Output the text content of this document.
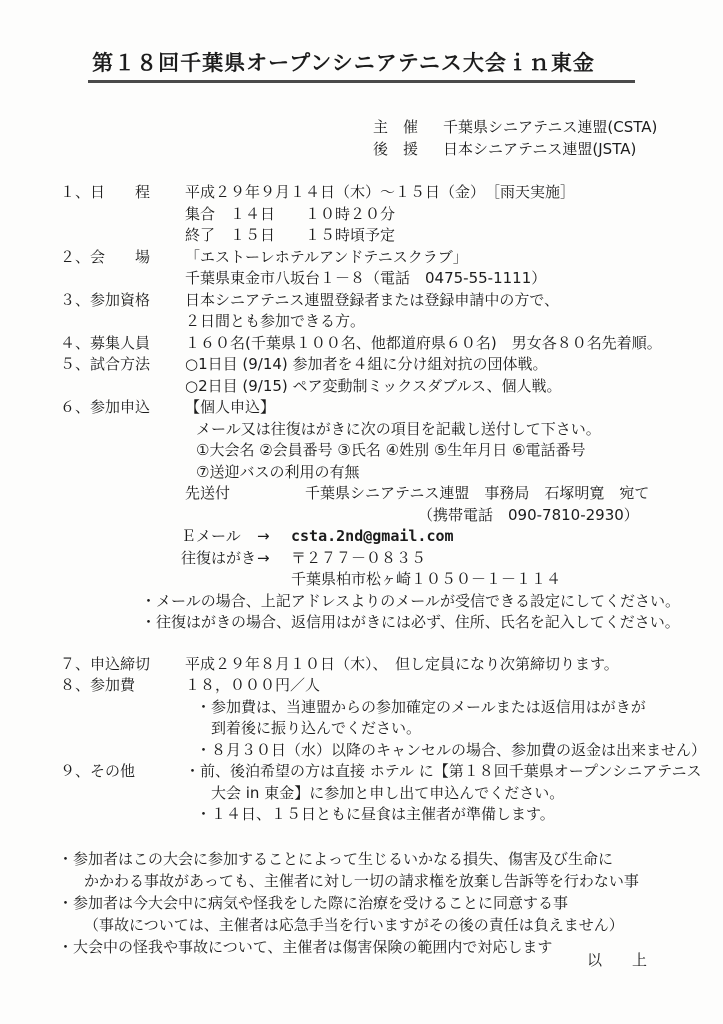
第１８回千葉県オープンシニアテニス大会ｉｎ東金
主　催 千葉県シニアテニス連盟(CSTA)
後　援 日本シニアテニス連盟(JSTA)
１、日　　程	平成２９年９月１４日（木）～１５日（金）　［雨天実施］
集合　１４日　　１０時２０分
終了　１５日　　１５時頃予定
２、会　　場	「エストーレホテルアンドテニスクラブ」
千葉県東金市八坂台１－８（電話　0475-55-1111）
３、参加資格	日本シニアテニス連盟登録者または登録申請中の方で、
２日間とも参加できる方。
４、募集人員	１６０名(千葉県１００名、他都道府県６０名)　男女各８０名先着順。
５、試合方法	○1日目 (9/14) 参加者を４組に分け組対抗の団体戦。
○2日目 (9/15) ペア変動制ミックスダブルス、個人戦。
６、参加申込	【個人申込】
メール又は往復はがきに次の項目を記載し送付して下さい。
①大会名 ②会員番号 ③氏名 ④姓別 ⑤生年月日 ⑥電話番号
⑦送迎バスの利用の有無
先送付　　　　　千葉県シニアテニス連盟　事務局　石塚明寛　宛て
（携帯電話　090-7810-2930）
Ｅメール	→	csta.2nd@gmail.com
往復はがき →	〒２７７－０８３５
千葉県柏市松ヶ崎１０５０－１－１１４
・メールの場合、上記アドレスよりのメールが受信できる設定にしてください。
・往復はがきの場合、返信用はがきには必ず、住所、氏名を記入してください。
７、申込締切	平成２９年８月１０日（木）、　但し定員になり次第締切ります。
８、参加費	１８，０００円／人
・参加費は、当連盟からの参加確定のメールまたは返信用はがきが
到着後に振り込んでください。
・８月３０日（水）以降のキャンセルの場合、参加費の返金は出来ません）
９、その他	・前、後泊希望の方は直接 ホテル に【第１８回千葉県オープンシニアテニス
大会 in 東金】に参加と申し出て申込んでください。
・１４日、１５日ともに昼食は主催者が準備します。
・参加者はこの大会に参加することによって生じるいかなる損失、傷害及び生命に
かかわる事故があっても、主催者に対し一切の請求権を放棄し告訴等を行わない事
・参加者は今大会中に病気や怪我をした際に治療を受けることに同意する事
（事故については、主催者は応急手当を行いますがその後の責任は負えません）
・大会中の怪我や事故について、主催者は傷害保険の範囲内で対応します
以　　上
